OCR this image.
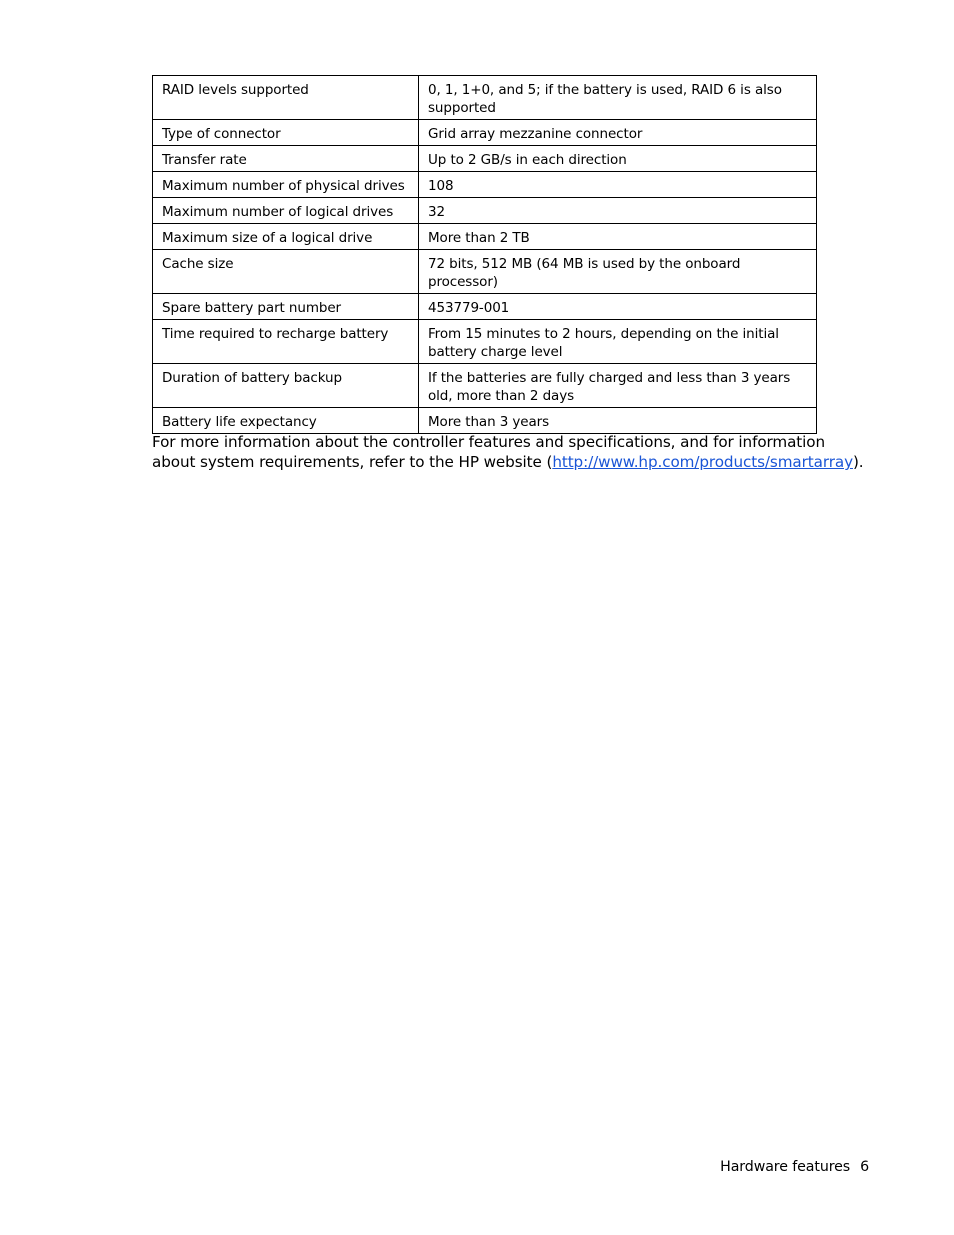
RAID levels supported	0, 1, 1+0, and 5; if the battery is used, RAID 6 is also supported
Type of connector	Grid array mezzanine connector
Transfer rate	Up to 2 GB/s in each direction
Maximum number of physical drives	108
Maximum number of logical drives	32
Maximum size of a logical drive	More than 2 TB
Cache size	72 bits, 512 MB (64 MB is used by the onboard processor)
Spare battery part number	453779-001
Time required to recharge battery	From 15 minutes to 2 hours, depending on the initial battery charge level
Duration of battery backup	If the batteries are fully charged and less than 3 years old, more than 2 days
Battery life expectancy	More than 3 years

For more information about the controller features and specifications, and for information about system requirements, refer to the HP website (http://www.hp.com/products/smartarray).

Hardware features 6
